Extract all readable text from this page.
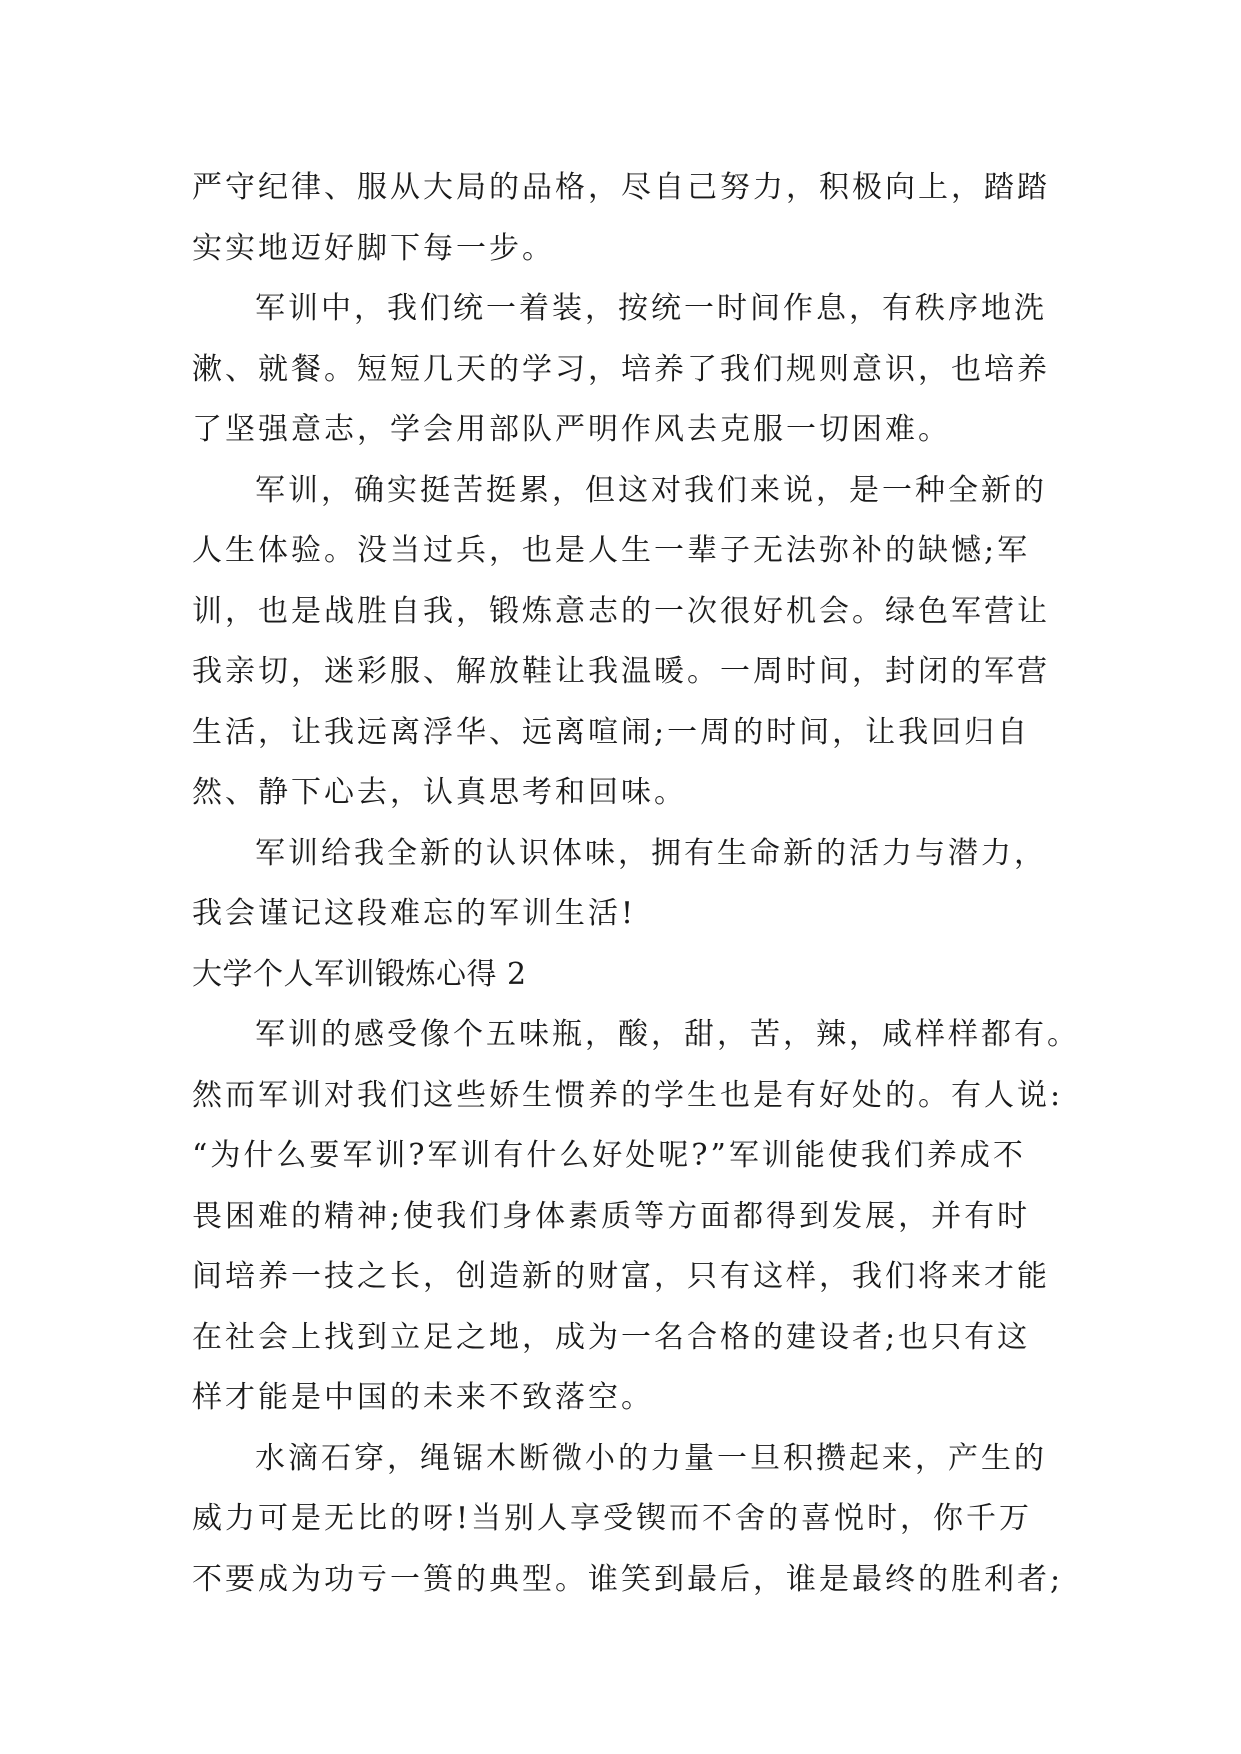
严守纪律、服从大局的品格，尽自己努力，积极向上，踏踏
实实地迈好脚下每一步。
军训中，我们统一着装，按统一时间作息，有秩序地洗
漱、就餐。短短几天的学习，培养了我们规则意识，也培养
了坚强意志，学会用部队严明作风去克服一切困难。
军训，确实挺苦挺累，但这对我们来说，是一种全新的
人生体验。没当过兵，也是人生一辈子无法弥补的缺憾;军
训，也是战胜自我，锻炼意志的一次很好机会。绿色军营让
我亲切，迷彩服、解放鞋让我温暖。一周时间，封闭的军营
生活，让我远离浮华、远离喧闹;一周的时间，让我回归自
然、静下心去，认真思考和回味。
军训给我全新的认识体味，拥有生命新的活力与潜力，
我会谨记这段难忘的军训生活!
大学个人军训锻炼心得 2
军训的感受像个五味瓶，酸，甜，苦，辣，咸样样都有。
然而军训对我们这些娇生惯养的学生也是有好处的。有人说:
“为什么要军训?军训有什么好处呢?”军训能使我们养成不
畏困难的精神;使我们身体素质等方面都得到发展，并有时
间培养一技之长，创造新的财富，只有这样，我们将来才能
在社会上找到立足之地，成为一名合格的建设者;也只有这
样才能是中国的未来不致落空。
水滴石穿，绳锯木断微小的力量一旦积攒起来，产生的
威力可是无比的呀!当别人享受锲而不舍的喜悦时，你千万
不要成为功亏一篑的典型。谁笑到最后，谁是最终的胜利者;
